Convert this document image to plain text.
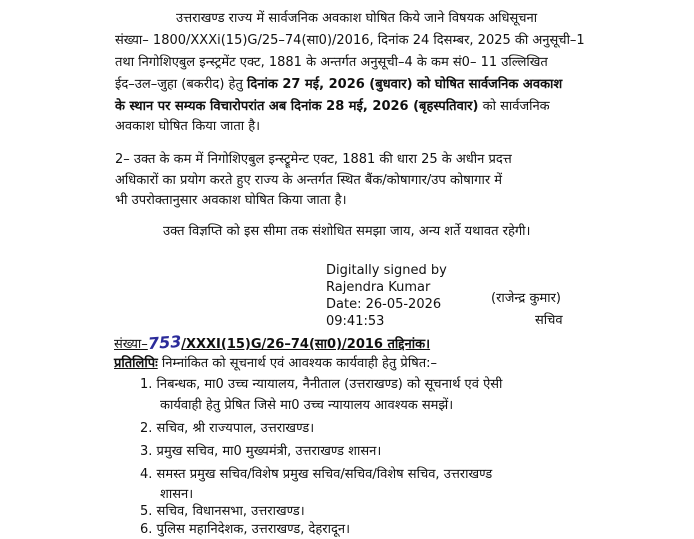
उत्तराखण्ड राज्य में सार्वजनिक अवकाश घोषित किये जाने विषयक अधिसूचना
संख्या– 1800/XXXi(15)G/25–74(सा0)/2016, दिनांक 24 दिसम्बर, 2025 की अनुसूची–1
तथा निगोशिएबुल इन्स्ट्रमेंट एक्ट, 1881 के अन्तर्गत अनुसूची–4 के कम सं0– 11 उल्लिखित
ईद–उल–जुहा (बकरीद) हेतु दिनांक 27 मई, 2026 (बुधवार) को घोषित सार्वजनिक अवकाश
के स्थान पर सम्यक विचारोपरांत अब दिनांक 28 मई, 2026 (बृहस्पतिवार) को सार्वजनिक
अवकाश घोषित किया जाता है।
2– उक्त के कम में निगोशिएबुल इन्स्ट्रूमेन्ट एक्ट, 1881 की धारा 25 के अधीन प्रदत्त
अधिकारों का प्रयोग करते हुए राज्य के अन्तर्गत स्थित बैंक/कोषागार/उप कोषागार में
भी उपरोक्तानुसार अवकाश घोषित किया जाता है।
उक्त विज्ञप्ति को इस सीमा तक संशोधित समझा जाय, अन्य शर्ते यथावत रहेगी।
Digitally signed by
Rajendra Kumar
Date: 26-05-2026
09:41:53
(राजेन्द्र कुमार)
सचिव
संख्या–753/XXXI(15)G/26–74(सा0)/2016 तद्दिनांक।
प्रतिलिपिः निम्नांकित को सूचनार्थ एवं आवश्यक कार्यवाही हेतु प्रेषित:–
1. निबन्धक, मा0 उच्च न्यायालय, नैनीताल (उत्तराखण्ड) को सूचनार्थ एवं ऐसी
कार्यवाही हेतु प्रेषित जिसे मा0 उच्च न्यायालय आवश्यक समझें।
2. सचिव, श्री राज्यपाल, उत्तराखण्ड।
3. प्रमुख सचिव, मा0 मुख्यमंत्री, उत्तराखण्ड शासन।
4. समस्त प्रमुख सचिव/विशेष प्रमुख सचिव/सचिव/विशेष सचिव, उत्तराखण्ड
शासन।
5. सचिव, विधानसभा, उत्तराखण्ड।
6. पुलिस महानिदेशक, उत्तराखण्ड, देहरादून।
